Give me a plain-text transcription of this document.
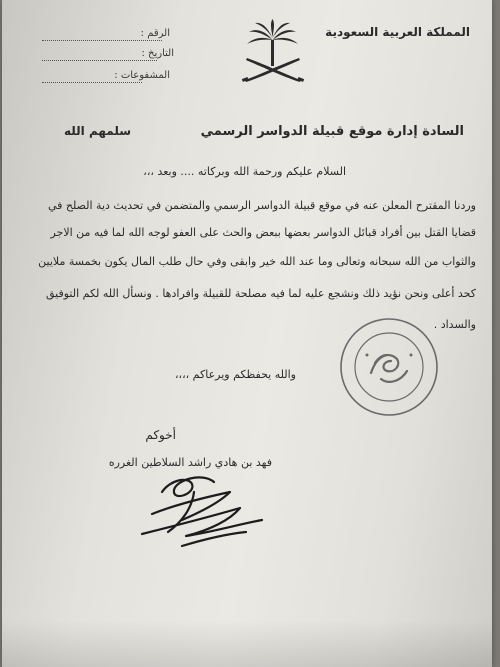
الرقم :
التاريخ :
المشفوعات :
المملكة العربية السعودية
السادة إدارة موقع قبيلة الدواسر الرسمي
سلمهم الله
السلام عليكم ورحمة الله وبركاته .... وبعد ،،،
وردنا المقترح المعلن عنه في موقع قبيلة الدواسر الرسمي والمتضمن في تحديث دية الصلح في
قضايا القتل بين أفراد قبائل الدواسر بعضها ببعض والحث على العفو لوجه الله لما فيه من الاجر
والثواب من الله سبحانه وتعالى وما عند الله خير وابقى وفي حال طلب المال يكون بخمسة ملايين
كحد أعلى ونحن نؤيد ذلك ونشجع عليه لما فيه مصلحة للقبيلة وافرادها . ونسأل الله لكم التوفيق
والسداد .
والله يحفظكم ويرعاكم ،،،،
أخوكم
فهد بن هادي راشد السلاطين الغرره
